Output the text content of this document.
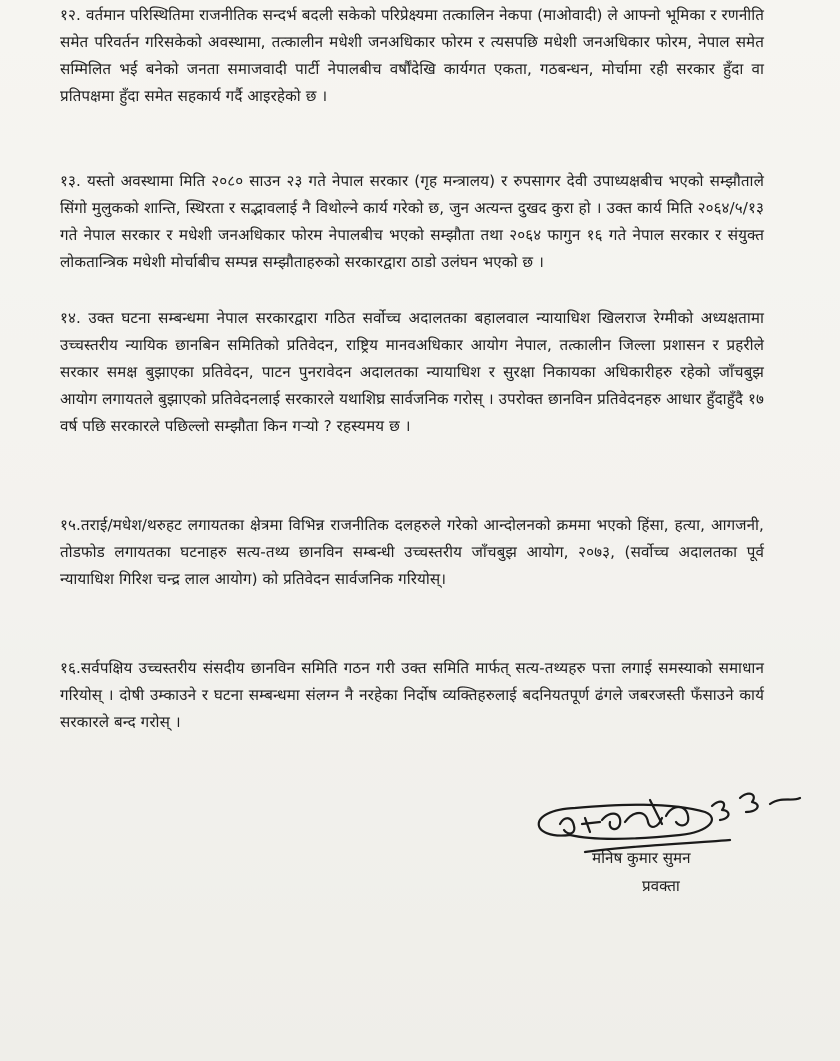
१२. वर्तमान परिस्थितिमा राजनीतिक सन्दर्भ बदली सकेको परिप्रेक्ष्यमा तत्कालिन नेकपा (माओवादी) ले आफ्नो भूमिका र रणनीति समेत परिवर्तन गरिसकेको अवस्थामा, तत्कालीन मधेशी जनअधिकार फोरम र त्यसपछि मधेशी जनअधिकार फोरम, नेपाल समेत सम्मिलित भई बनेको जनता समाजवादी पार्टी नेपालबीच वर्षौंदेखि कार्यगत एकता, गठबन्धन, मोर्चामा रही सरकार हुँदा वा प्रतिपक्षमा हुँदा समेत सहकार्य गर्दै आइरहेको छ ।

१३. यस्तो अवस्थामा मिति २०८० साउन २३ गते नेपाल सरकार (गृह मन्त्रालय) र रुपसागर देवी उपाध्यक्षबीच भएको सम्झौताले सिंगो मुलुकको शान्ति, स्थिरता र सद्भावलाई नै विथोल्ने कार्य गरेको छ, जुन अत्यन्त दुखद कुरा हो । उक्त कार्य मिति २०६४/५/१३ गते नेपाल सरकार र मधेशी जनअधिकार फोरम नेपालबीच भएको सम्झौता तथा २०६४ फागुन १६ गते नेपाल सरकार र संयुक्त लोकतान्त्रिक मधेशी मोर्चाबीच सम्पन्न सम्झौताहरुको सरकारद्वारा ठाडो उलंघन भएको छ ।

१४. उक्त घटना सम्बन्धमा नेपाल सरकारद्वारा गठित सर्वोच्च अदालतका बहालवाल न्यायाधिश खिलराज रेग्मीको अध्यक्षतामा उच्चस्तरीय न्यायिक छानबिन समितिको प्रतिवेदन, राष्ट्रिय मानवअधिकार आयोग नेपाल, तत्कालीन जिल्ला प्रशासन र प्रहरीले सरकार समक्ष बुझाएका प्रतिवेदन, पाटन पुनरावेदन अदालतका न्यायाधिश र सुरक्षा निकायका अधिकारीहरु रहेको जाँचबुझ आयोग लगायतले बुझाएको प्रतिवेदनलाई सरकारले यथाशिघ्र सार्वजनिक गरोस् । उपरोक्त छानविन प्रतिवेदनहरु आधार हुँदाहुँदै १७ वर्ष पछि सरकारले पछिल्लो सम्झौता किन गर्‍यो ? रहस्यमय छ ।

१५.तराई/मधेश/थरुहट लगायतका क्षेत्रमा विभिन्न राजनीतिक दलहरुले गरेको आन्दोलनको क्रममा भएको हिंसा, हत्या, आगजनी, तोडफोड लगायतका घटनाहरु सत्य-तथ्य छानविन सम्बन्धी उच्चस्तरीय जाँचबुझ आयोग, २०७३, (सर्वोच्च अदालतका पूर्व न्यायाधिश गिरिश चन्द्र लाल आयोग) को प्रतिवेदन सार्वजनिक गरियोस्।

१६.सर्वपक्षिय उच्चस्तरीय संसदीय छानविन समिति गठन गरी उक्त समिति मार्फत् सत्य-तथ्यहरु पत्ता लगाई समस्याको समाधान गरियोस् । दोषी उम्काउने र घटना सम्बन्धमा संलग्न नै नरहेका निर्दोष व्यक्तिहरुलाई बदनियतपूर्ण ढंगले जबरजस्ती फँसाउने कार्य सरकारले बन्द गरोस् ।

मनिष कुमार सुमन
प्रवक्ता
